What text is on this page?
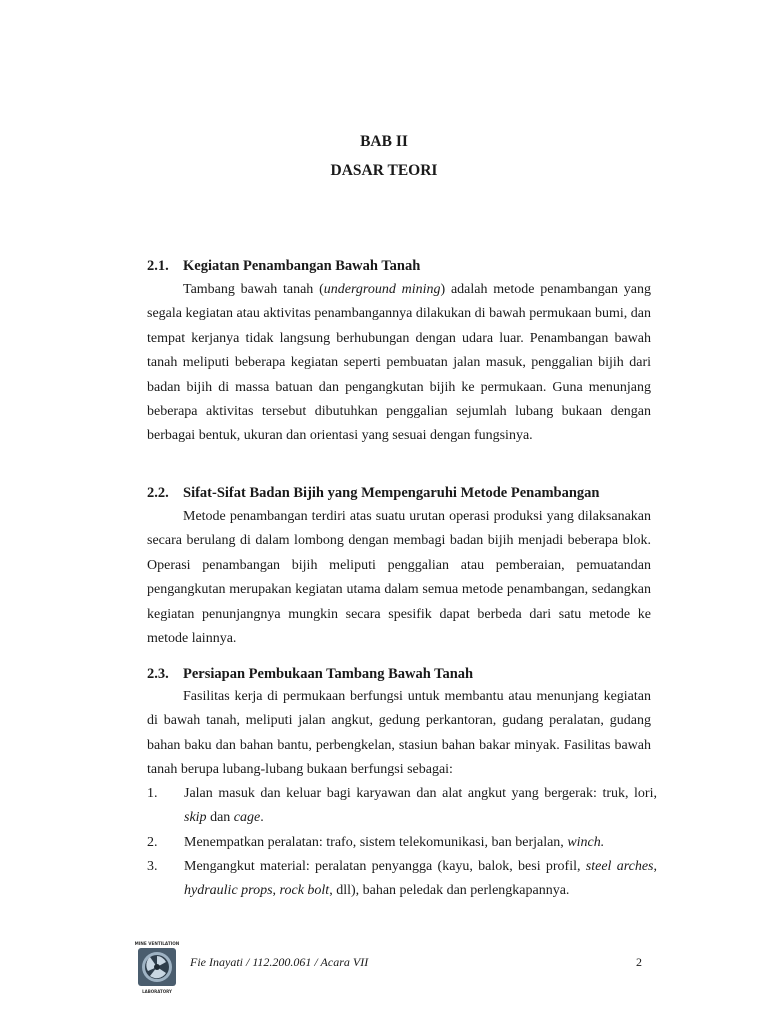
BAB II
DASAR TEORI
2.1. Kegiatan Penambangan Bawah Tanah

Tambang bawah tanah (underground mining) adalah metode penambangan yang segala kegiatan atau aktivitas penambangannya dilakukan di bawah permukaan bumi, dan tempat kerjanya tidak langsung berhubungan dengan udara luar. Penambangan bawah tanah meliputi beberapa kegiatan seperti pembuatan jalan masuk, penggalian bijih dari badan bijih di massa batuan dan pengangkutan bijih ke permukaan. Guna menunjang beberapa aktivitas tersebut dibutuhkan penggalian sejumlah lubang bukaan dengan berbagai bentuk, ukuran dan orientasi yang sesuai dengan fungsinya.

2.2. Sifat-Sifat Badan Bijih yang Mempengaruhi Metode Penambangan

Metode penambangan terdiri atas suatu urutan operasi produksi yang dilaksanakan secara berulang di dalam lombong dengan membagi badan bijih menjadi beberapa blok. Operasi penambangan bijih meliputi penggalian atau pemberaian, pemuatandan pengangkutan merupakan kegiatan utama dalam semua metode penambangan, sedangkan kegiatan penunjangnya mungkin secara spesifik dapat berbeda dari satu metode ke metode lainnya.

2.3. Persiapan Pembukaan Tambang Bawah Tanah

Fasilitas kerja di permukaan berfungsi untuk membantu atau menunjang kegiatan di bawah tanah, meliputi jalan angkut, gedung perkantoran, gudang peralatan, gudang bahan baku dan bahan bantu, perbengkelan, stasiun bahan bakar minyak. Fasilitas bawah tanah berupa lubang-lubang bukaan berfungsi sebagai:

1.	Jalan masuk dan keluar bagi karyawan dan alat angkut yang bergerak: truk, lori, skip dan cage.
2.	Menempatkan peralatan: trafo, sistem telekomunikasi, ban berjalan, winch.
3.	Mengangkut material: peralatan penyangga (kayu, balok, besi profil, steel arches, hydraulic props, rock bolt, dll), bahan peledak dan perlengkapannya.
MINE VENTILATION
LABORATORY
Fie Inayati / 112.200.061 / Acara VII	2
